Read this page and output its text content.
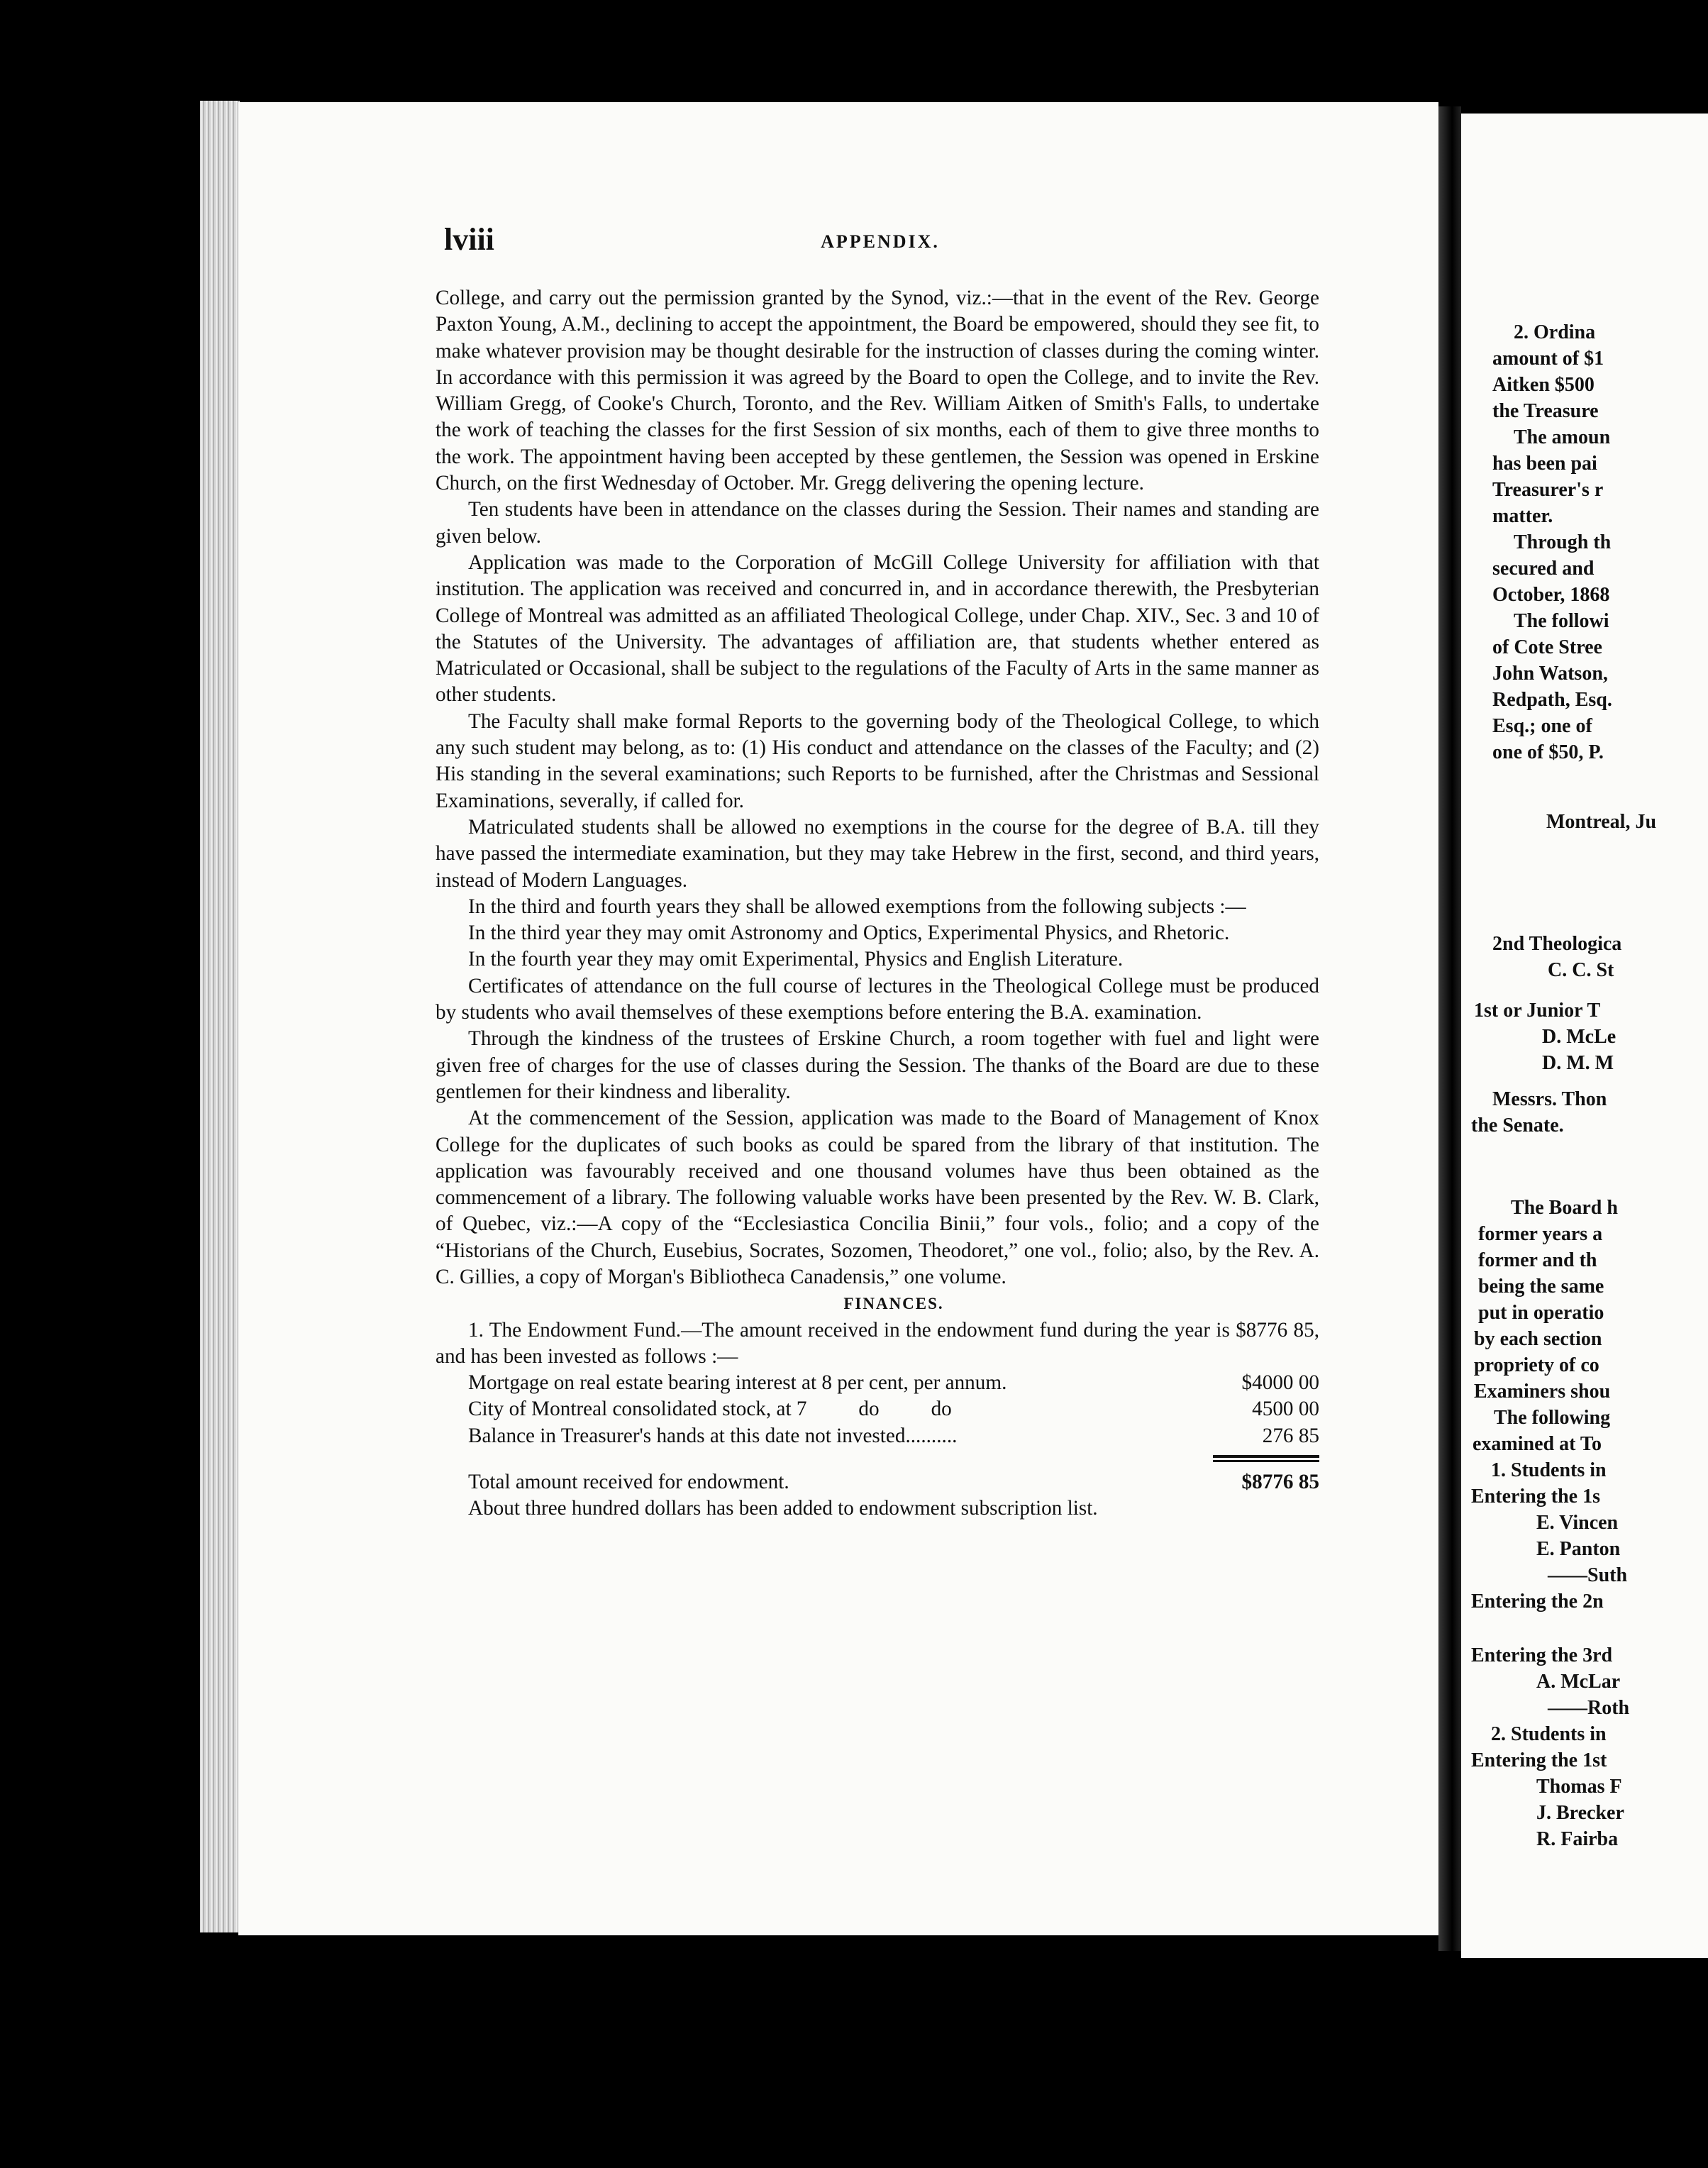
lviii	APPENDIX.

College, and carry out the permission granted by the Synod, viz.:—that in the event of the Rev. George Paxton Young, A.M., declining to accept the appointment, the Board be empowered, should they see fit, to make whatever provision may be thought desirable for the instruction of classes during the coming winter. In accordance with this permission it was agreed by the Board to open the College, and to invite the Rev. William Gregg, of Cooke's Church, Toronto, and the Rev. William Aitken of Smith's Falls, to undertake the work of teaching the classes for the first Session of six months, each of them to give three months to the work. The appointment having been accepted by these gentlemen, the Session was opened in Erskine Church, on the first Wednesday of October. Mr. Gregg delivering the opening lecture.

Ten students have been in attendance on the classes during the Session. Their names and standing are given below.

Application was made to the Corporation of McGill College University for affiliation with that institution. The application was received and concurred in, and in accordance therewith, the Presbyterian College of Montreal was admitted as an affiliated Theological College, under Chap. XIV., Sec. 3 and 10 of the Statutes of the University. The advantages of affiliation are, that students whether entered as Matriculated or Occasional, shall be subject to the regulations of the Faculty of Arts in the same manner as other students.

The Faculty shall make formal Reports to the governing body of the Theological College, to which any such student may belong, as to: (1) His conduct and attendance on the classes of the Faculty; and (2) His standing in the several examinations; such Reports to be furnished, after the Christmas and Sessional Examinations, severally, if called for.

Matriculated students shall be allowed no exemptions in the course for the degree of B.A. till they have passed the intermediate examination, but they may take Hebrew in the first, second, and third years, instead of Modern Languages.

In the third and fourth years they shall be allowed exemptions from the following subjects :—

In the third year they may omit Astronomy and Optics, Experimental Physics, and Rhetoric.

In the fourth year they may omit Experimental, Physics and English Literature.

Certificates of attendance on the full course of lectures in the Theological College must be produced by students who avail themselves of these exemptions before entering the B.A. examination.

Through the kindness of the trustees of Erskine Church, a room together with fuel and light were given free of charges for the use of classes during the Session. The thanks of the Board are due to these gentlemen for their kindness and liberality.

At the commencement of the Session, application was made to the Board of Management of Knox College for the duplicates of such books as could be spared from the library of that institution. The application was favourably received and one thousand volumes have thus been obtained as the commencement of a library. The following valuable works have been presented by the Rev. W. B. Clark, of Quebec, viz.:—A copy of the “Ecclesiastica Concilia Binii,” four vols., folio; and a copy of the “Historians of the Church, Eusebius, Socrates, Sozomen, Theodoret,” one vol., folio; also, by the Rev. A. C. Gillies, a copy of Morgan's Bibliotheca Canadensis,” one volume.

FINANCES.

1. The Endowment Fund.—The amount received in the endowment fund during the year is $8776 85, and has been invested as follows :—

Mortgage on real estate bearing interest at 8 per cent, per annum.	$4000 00
City of Montreal consolidated stock, at 7          do          do	4500 00
Balance in Treasurer's hands at this date not invested..........	276 85
Total amount received for endowment.	$8776 85

About three hundred dollars has been added to endowment subscription list.

2. Ordina
amount of $1
Aitken $500
the Treasure
The amoun
has been pai
Treasurer's r
matter.
Through th
secured and
October, 1868
The followi
of Cote Stree
John Watson,
Redpath, Esq.
Esq.; one of
one of $50, P.
Montreal, Ju
2nd Theologica
C. C. St
1st or Junior T
D. McLe
D. M. M
Messrs. Thon
the Senate.
The Board h
former years a
former and th
being the same
put in operatio
by each section
propriety of co
Examiners shou
The following
examined at To
1. Students in
Entering the 1s
E. Vincen
E. Panton
——Suth
Entering the 2n
Entering the 3rd
A. McLar
——Roth
2. Students in
Entering the 1st
Thomas F
J. Brecker
R. Fairba
